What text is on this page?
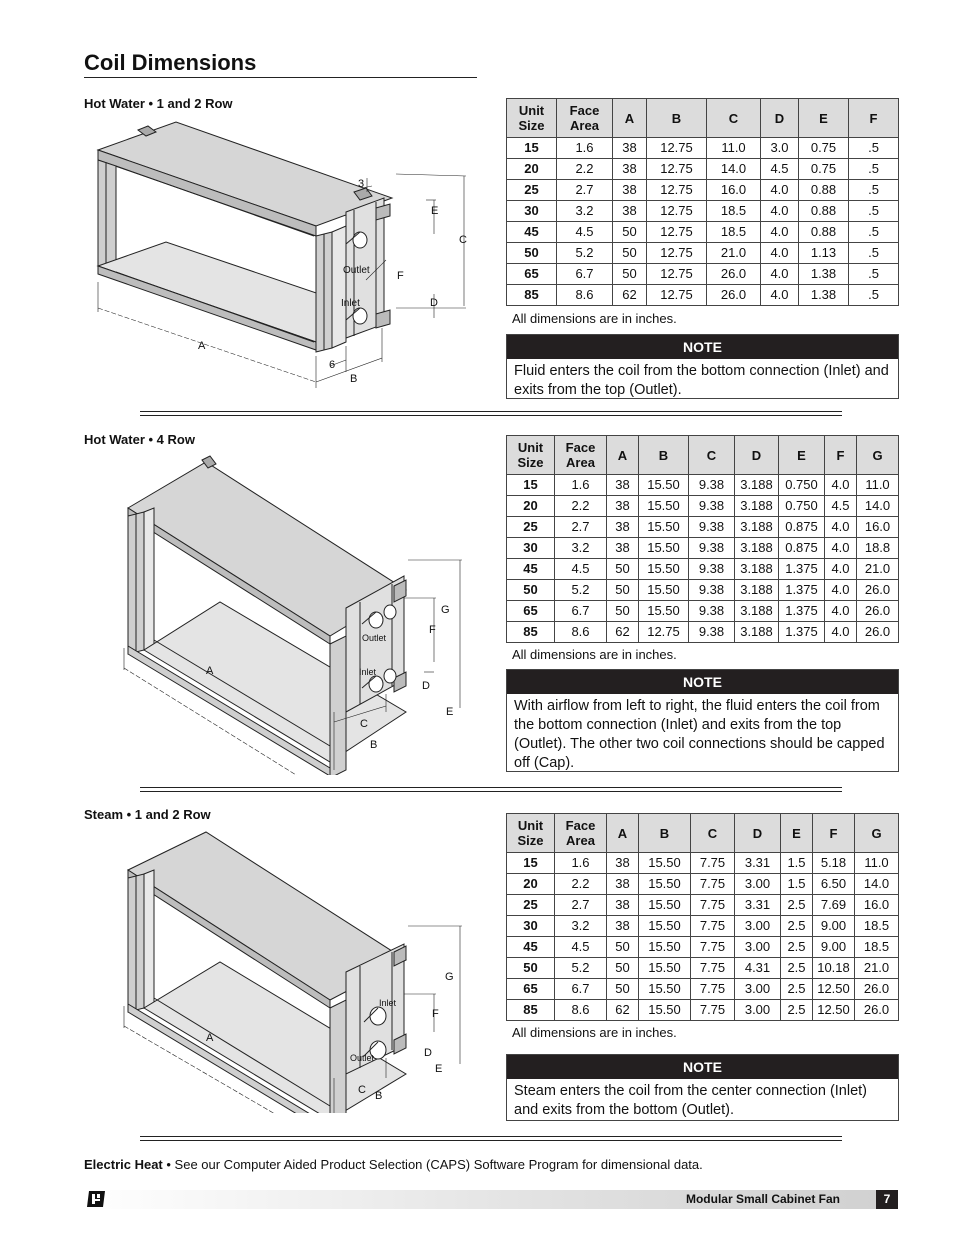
Coil Dimensions
Hot Water • 1 and 2 Row
A
B
C
D
E
F
3
6
Outlet
Inlet
Unit Size	Face Area	A	B	C	D	E	F
15	1.6	38	12.75	11.0	3.0	0.75	.5
20	2.2	38	12.75	14.0	4.5	0.75	.5
25	2.7	38	12.75	16.0	4.0	0.88	.5
30	3.2	38	12.75	18.5	4.0	0.88	.5
45	4.5	50	12.75	18.5	4.0	0.88	.5
50	5.2	50	12.75	21.0	4.0	1.13	.5
65	6.7	50	12.75	26.0	4.0	1.38	.5
85	8.6	62	12.75	26.0	4.0	1.38	.5
All dimensions are in inches.
NOTE
Fluid enters the coil from the bottom connection (Inlet) and exits from the top (Outlet).
Hot Water • 4 Row
A
B
C
D
E
F
G
Outlet
Inlet
Unit Size	Face Area	A	B	C	D	E	F	G
15	1.6	38	15.50	9.38	3.188	0.750	4.0	11.0
20	2.2	38	15.50	9.38	3.188	0.750	4.5	14.0
25	2.7	38	15.50	9.38	3.188	0.875	4.0	16.0
30	3.2	38	15.50	9.38	3.188	0.875	4.0	18.8
45	4.5	50	15.50	9.38	3.188	1.375	4.0	21.0
50	5.2	50	15.50	9.38	3.188	1.375	4.0	26.0
65	6.7	50	15.50	9.38	3.188	1.375	4.0	26.0
85	8.6	62	12.75	9.38	3.188	1.375	4.0	26.0
All dimensions are in inches.
NOTE
With airflow from left to right, the fluid enters the coil from the bottom connection (Inlet) and exits from the top (Outlet). The other two coil connections should be capped off (Cap).
Steam • 1 and 2 Row
A
B
C
D
E
F
G
Inlet
Outlet
Unit Size	Face Area	A	B	C	D	E	F	G
15	1.6	38	15.50	7.75	3.31	1.5	5.18	11.0
20	2.2	38	15.50	7.75	3.00	1.5	6.50	14.0
25	2.7	38	15.50	7.75	3.31	2.5	7.69	16.0
30	3.2	38	15.50	7.75	3.00	2.5	9.00	18.5
45	4.5	50	15.50	7.75	3.00	2.5	9.00	18.5
50	5.2	50	15.50	7.75	4.31	2.5	10.18	21.0
65	6.7	50	15.50	7.75	3.00	2.5	12.50	26.0
85	8.6	62	15.50	7.75	3.00	2.5	12.50	26.0
All dimensions are in inches.
NOTE
Steam enters the coil from the center connection (Inlet) and exits from the bottom (Outlet).
Electric Heat • See our Computer Aided Product Selection (CAPS) Software Program for dimensional data.
Modular Small Cabinet Fan	7
